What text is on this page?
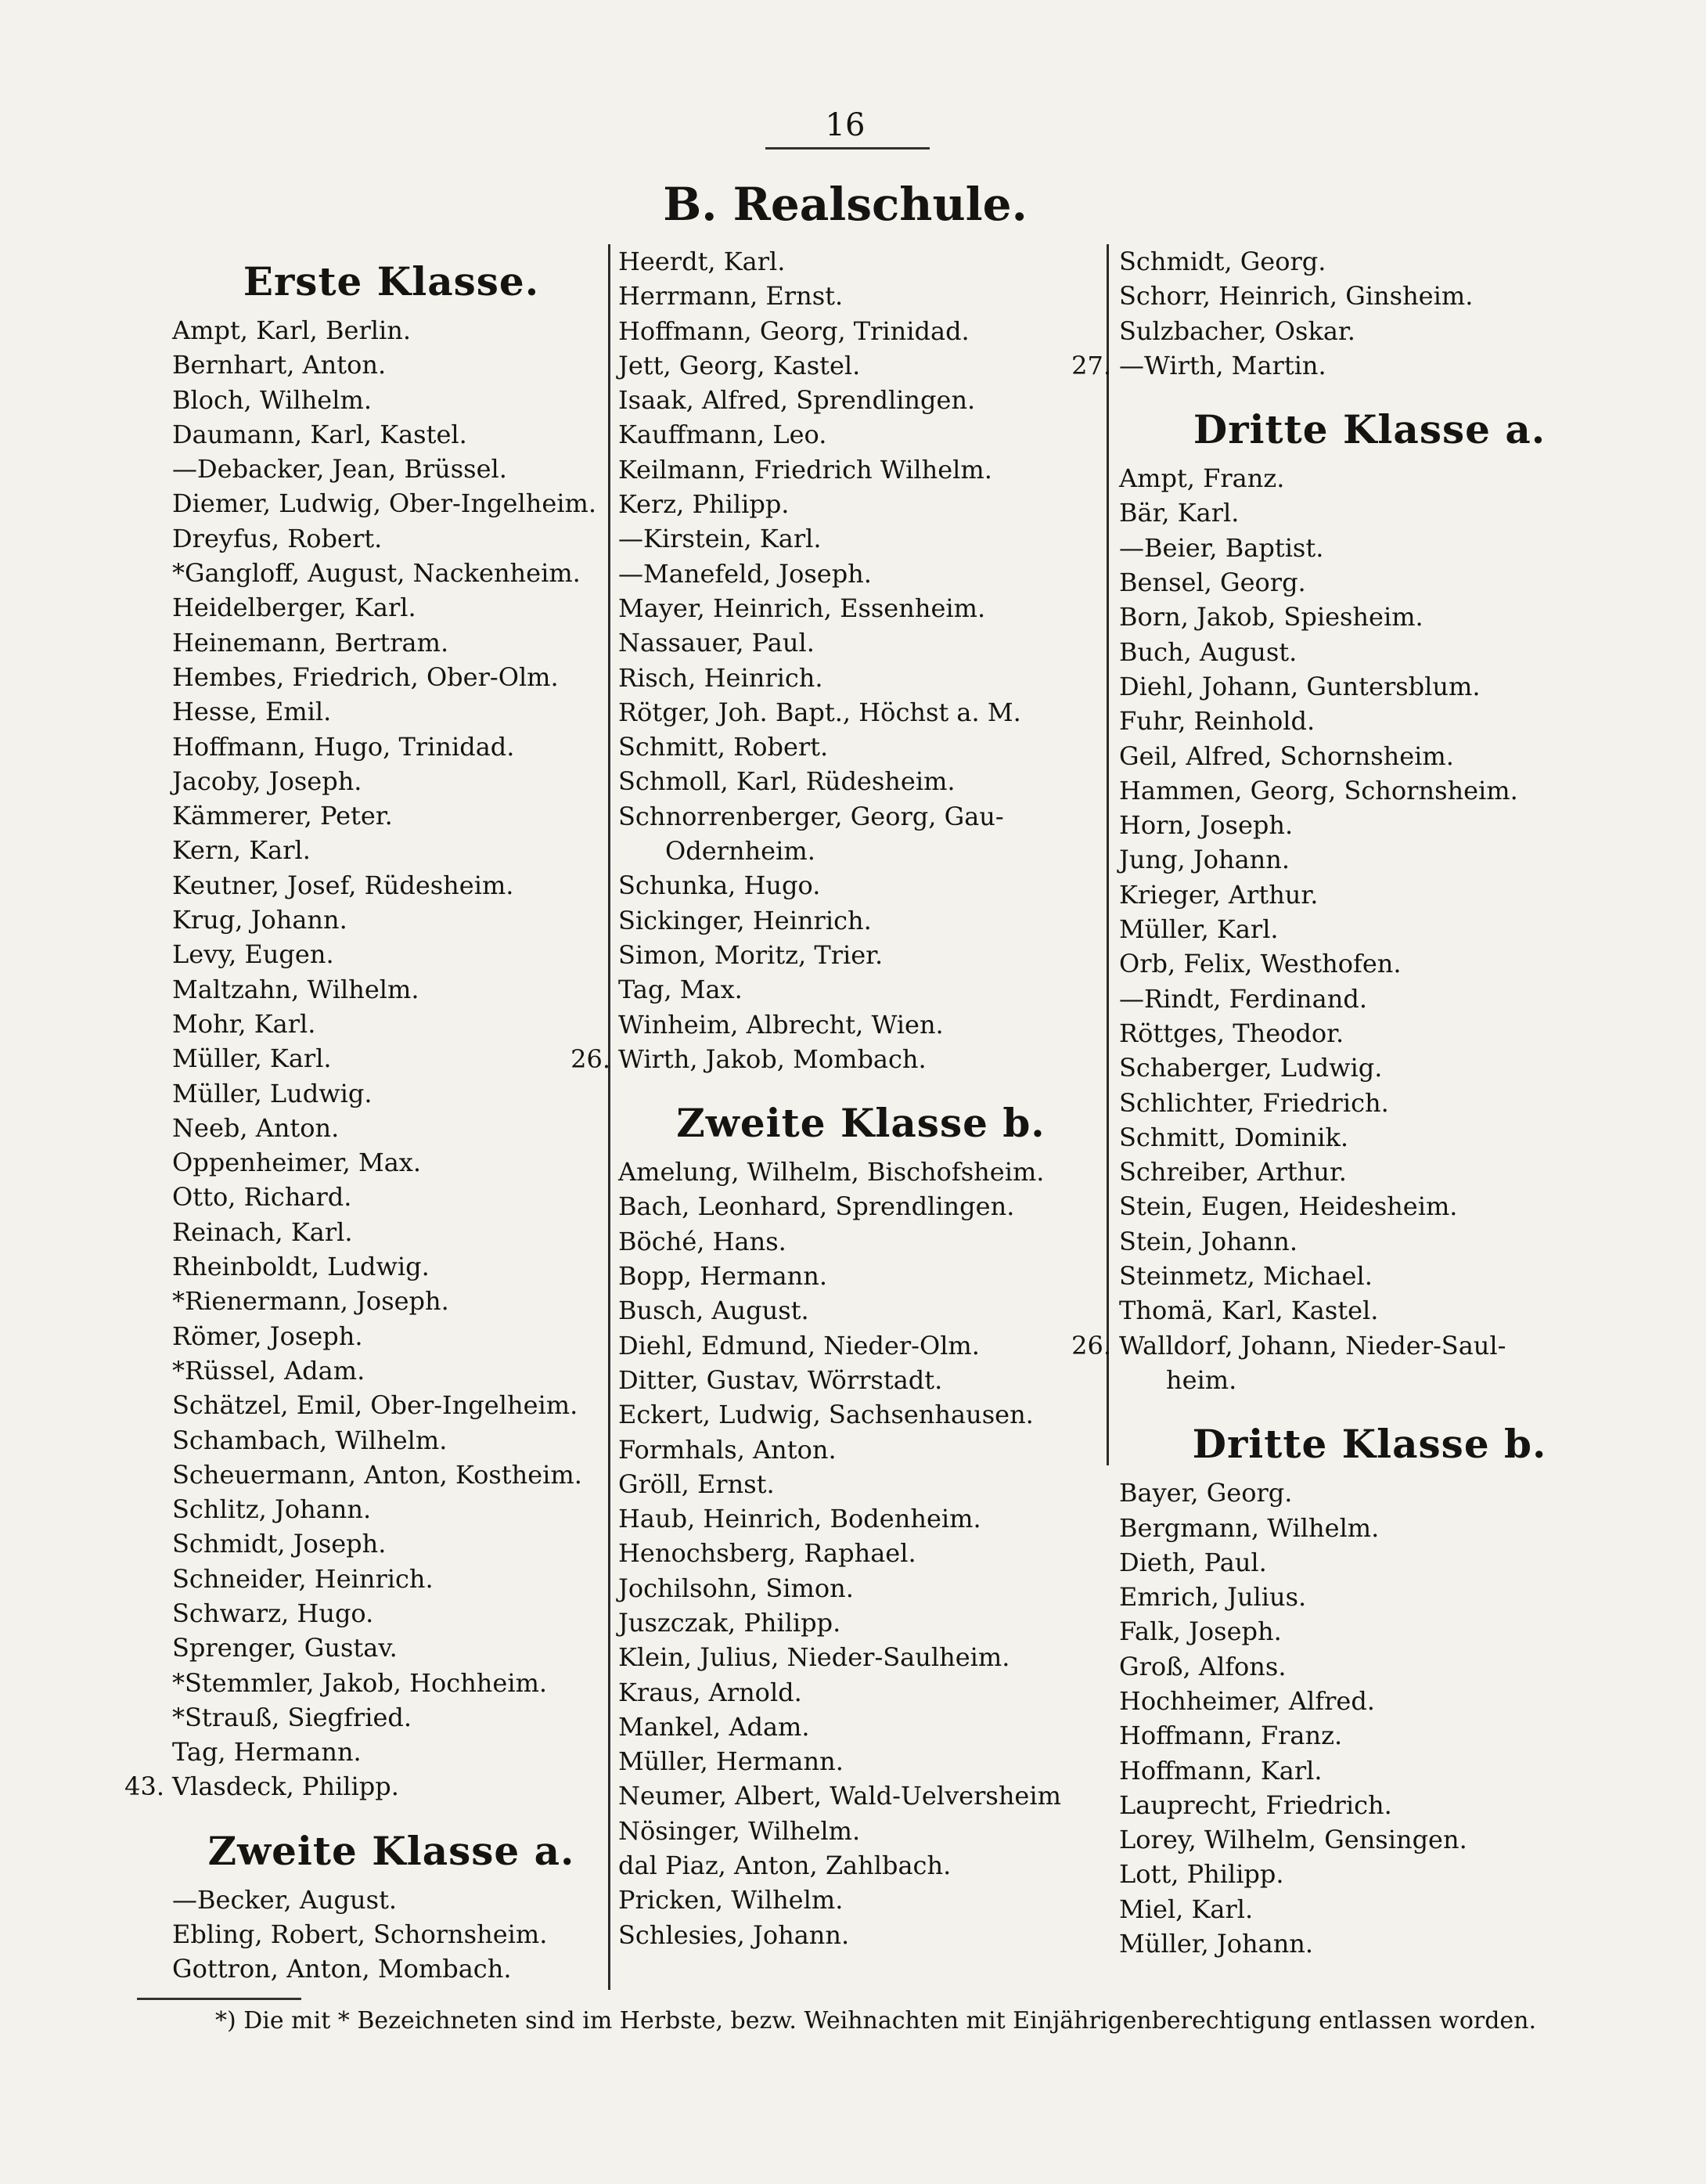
16
B. Realschule.
Erste Klasse.
Ampt, Karl, Berlin.
Bernhart, Anton.
Bloch, Wilhelm.
Daumann, Karl, Kastel.
—Debacker, Jean, Brüssel.
Diemer, Ludwig, Ober-Ingelheim.
Dreyfus, Robert.
*Gangloff, August, Nackenheim.
Heidelberger, Karl.
Heinemann, Bertram.
Hembes, Friedrich, Ober-Olm.
Hesse, Emil.
Hoffmann, Hugo, Trinidad.
Jacoby, Joseph.
Kämmerer, Peter.
Kern, Karl.
Keutner, Josef, Rüdesheim.
Krug, Johann.
Levy, Eugen.
Maltzahn, Wilhelm.
Mohr, Karl.
Müller, Karl.
Müller, Ludwig.
Neeb, Anton.
Oppenheimer, Max.
Otto, Richard.
Reinach, Karl.
Rheinboldt, Ludwig.
*Rienermann, Joseph.
Römer, Joseph.
*Rüssel, Adam.
Schätzel, Emil, Ober-Ingelheim.
Schambach, Wilhelm.
Scheuermann, Anton, Kostheim.
Schlitz, Johann.
Schmidt, Joseph.
Schneider, Heinrich.
Schwarz, Hugo.
Sprenger, Gustav.
*Stemmler, Jakob, Hochheim.
*Strauß, Siegfried.
Tag, Hermann.
43. Vlasdeck, Philipp.
Zweite Klasse a.
—Becker, August.
Ebling, Robert, Schornsheim.
Gottron, Anton, Mombach.
Heerdt, Karl.
Herrmann, Ernst.
Hoffmann, Georg, Trinidad.
Jett, Georg, Kastel.
Isaak, Alfred, Sprendlingen.
Kauffmann, Leo.
Keilmann, Friedrich Wilhelm.
Kerz, Philipp.
—Kirstein, Karl.
—Manefeld, Joseph.
Mayer, Heinrich, Essenheim.
Nassauer, Paul.
Risch, Heinrich.
Rötger, Joh. Bapt., Höchst a. M.
Schmitt, Robert.
Schmoll, Karl, Rüdesheim.
Schnorrenberger, Georg, Gau-
Odernheim.
Schunka, Hugo.
Sickinger, Heinrich.
Simon, Moritz, Trier.
Tag, Max.
Winheim, Albrecht, Wien.
26. Wirth, Jakob, Mombach.
Zweite Klasse b.
Amelung, Wilhelm, Bischofsheim.
Bach, Leonhard, Sprendlingen.
Böché, Hans.
Bopp, Hermann.
Busch, August.
Diehl, Edmund, Nieder-Olm.
Ditter, Gustav, Wörrstadt.
Eckert, Ludwig, Sachsenhausen.
Formhals, Anton.
Gröll, Ernst.
Haub, Heinrich, Bodenheim.
Henochsberg, Raphael.
Jochilsohn, Simon.
Juszczak, Philipp.
Klein, Julius, Nieder-Saulheim.
Kraus, Arnold.
Mankel, Adam.
Müller, Hermann.
Neumer, Albert, Wald-Uelversheim
Nösinger, Wilhelm.
dal Piaz, Anton, Zahlbach.
Pricken, Wilhelm.
Schlesies, Johann.
Schmidt, Georg.
Schorr, Heinrich, Ginsheim.
Sulzbacher, Oskar.
27. —Wirth, Martin.
Dritte Klasse a.
Ampt, Franz.
Bär, Karl.
—Beier, Baptist.
Bensel, Georg.
Born, Jakob, Spiesheim.
Buch, August.
Diehl, Johann, Guntersblum.
Fuhr, Reinhold.
Geil, Alfred, Schornsheim.
Hammen, Georg, Schornsheim.
Horn, Joseph.
Jung, Johann.
Krieger, Arthur.
Müller, Karl.
Orb, Felix, Westhofen.
—Rindt, Ferdinand.
Röttges, Theodor.
Schaberger, Ludwig.
Schlichter, Friedrich.
Schmitt, Dominik.
Schreiber, Arthur.
Stein, Eugen, Heidesheim.
Stein, Johann.
Steinmetz, Michael.
Thomä, Karl, Kastel.
26. Walldorf, Johann, Nieder-Saul-
heim.
Dritte Klasse b.
Bayer, Georg.
Bergmann, Wilhelm.
Dieth, Paul.
Emrich, Julius.
Falk, Joseph.
Groß, Alfons.
Hochheimer, Alfred.
Hoffmann, Franz.
Hoffmann, Karl.
Lauprecht, Friedrich.
Lorey, Wilhelm, Gensingen.
Lott, Philipp.
Miel, Karl.
Müller, Johann.
*) Die mit * Bezeichneten sind im Herbste, bezw. Weihnachten mit Einjährigenberechtigung entlassen worden.
